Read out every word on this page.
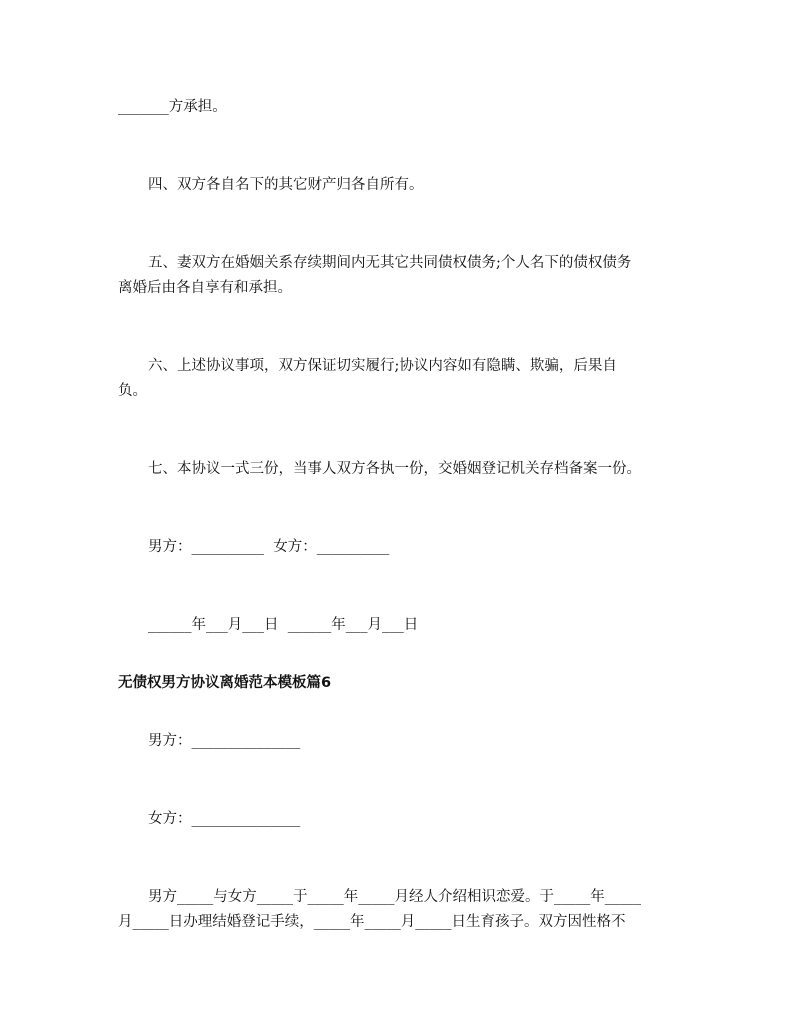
_______方承担。

四、双方各自名下的其它财产归各自所有。

五、妻双方在婚姻关系存续期间内无其它共同债权债务;个人名下的债权债务

离婚后由各自享有和承担。

六、上述协议事项，双方保证切实履行;协议内容如有隐瞒、欺骗，后果自

负。

七、本协议一式三份，当事人双方各执一份，交婚姻登记机关存档备案一份。

男方：__________  女方：__________

______年___月___日  ______年___月___日

无债权男方协议离婚范本模板篇6

男方：_______________

女方：_______________

男方_____与女方_____于_____年_____月经人介绍相识恋爱。于_____年_____

月_____日办理结婚登记手续，_____年_____月_____日生育孩子。双方因性格不
